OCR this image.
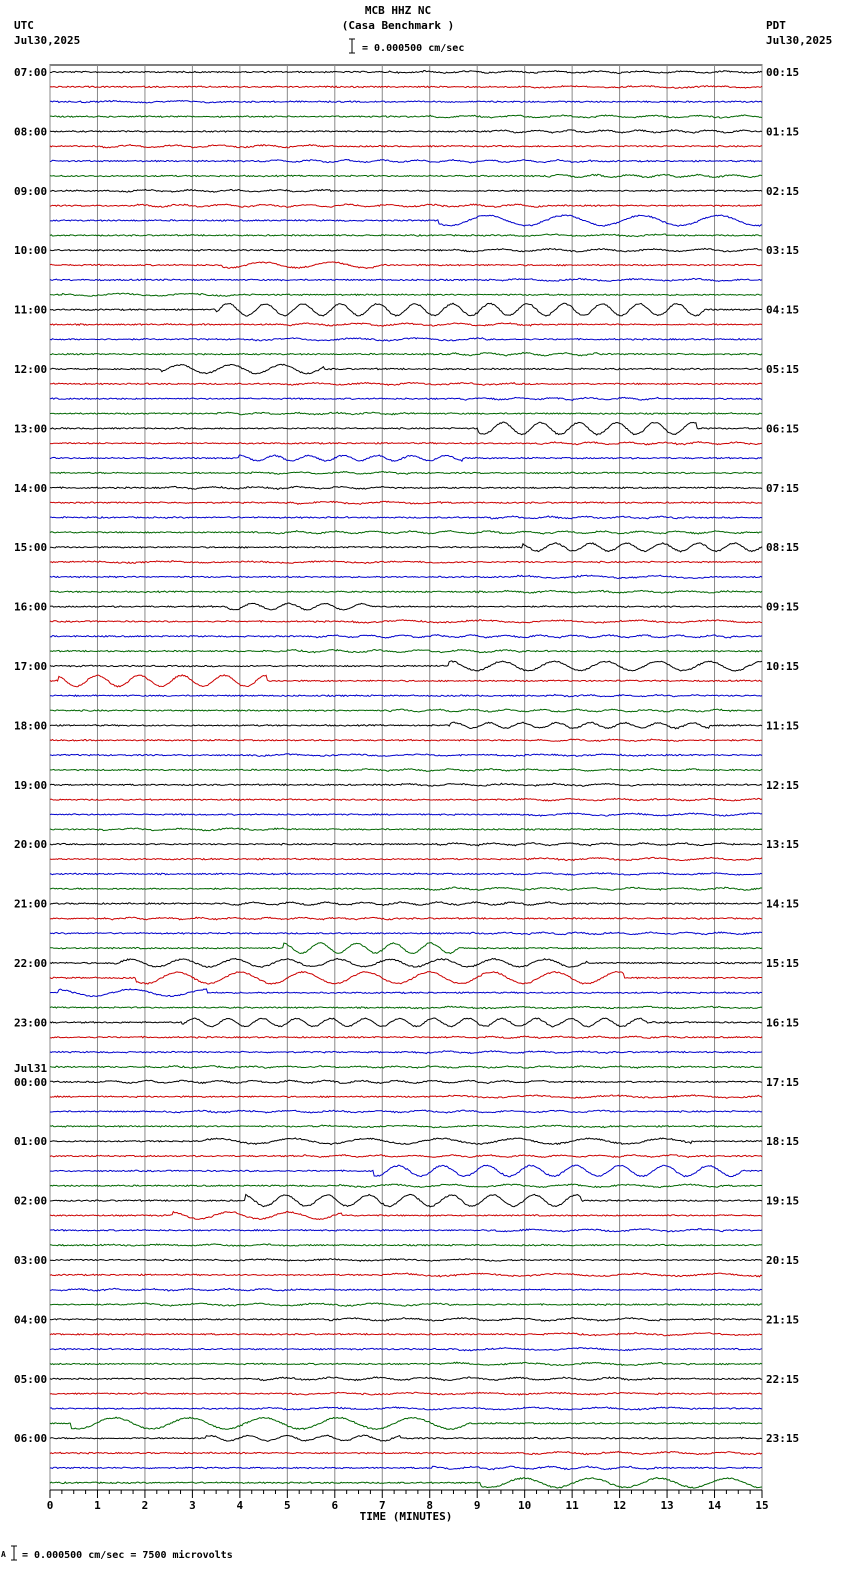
0	1	2	3	4	5	6	7	8	9	10	11	12	13	14	15
TIME (MINUTES)
07:00
08:00
09:00
10:00
11:00
12:00
13:00
14:00
15:00
16:00
17:00
18:00
19:00
20:00
21:00
22:00
23:00
00:00
Jul31
01:00
02:00
03:00
04:00
05:00
06:00
00:15
01:15
02:15
03:15
04:15
05:15
06:15
07:15
08:15
09:15
10:15
11:15
12:15
13:15
14:15
15:15
16:15
17:15
18:15
19:15
20:15
21:15
22:15
23:15
MCB HHZ NC
(Casa Benchmark )
= 0.000500 cm/sec
UTC
Jul30,2025
PDT
Jul30,2025
A = 0.000500 cm/sec = 7500 microvolts
